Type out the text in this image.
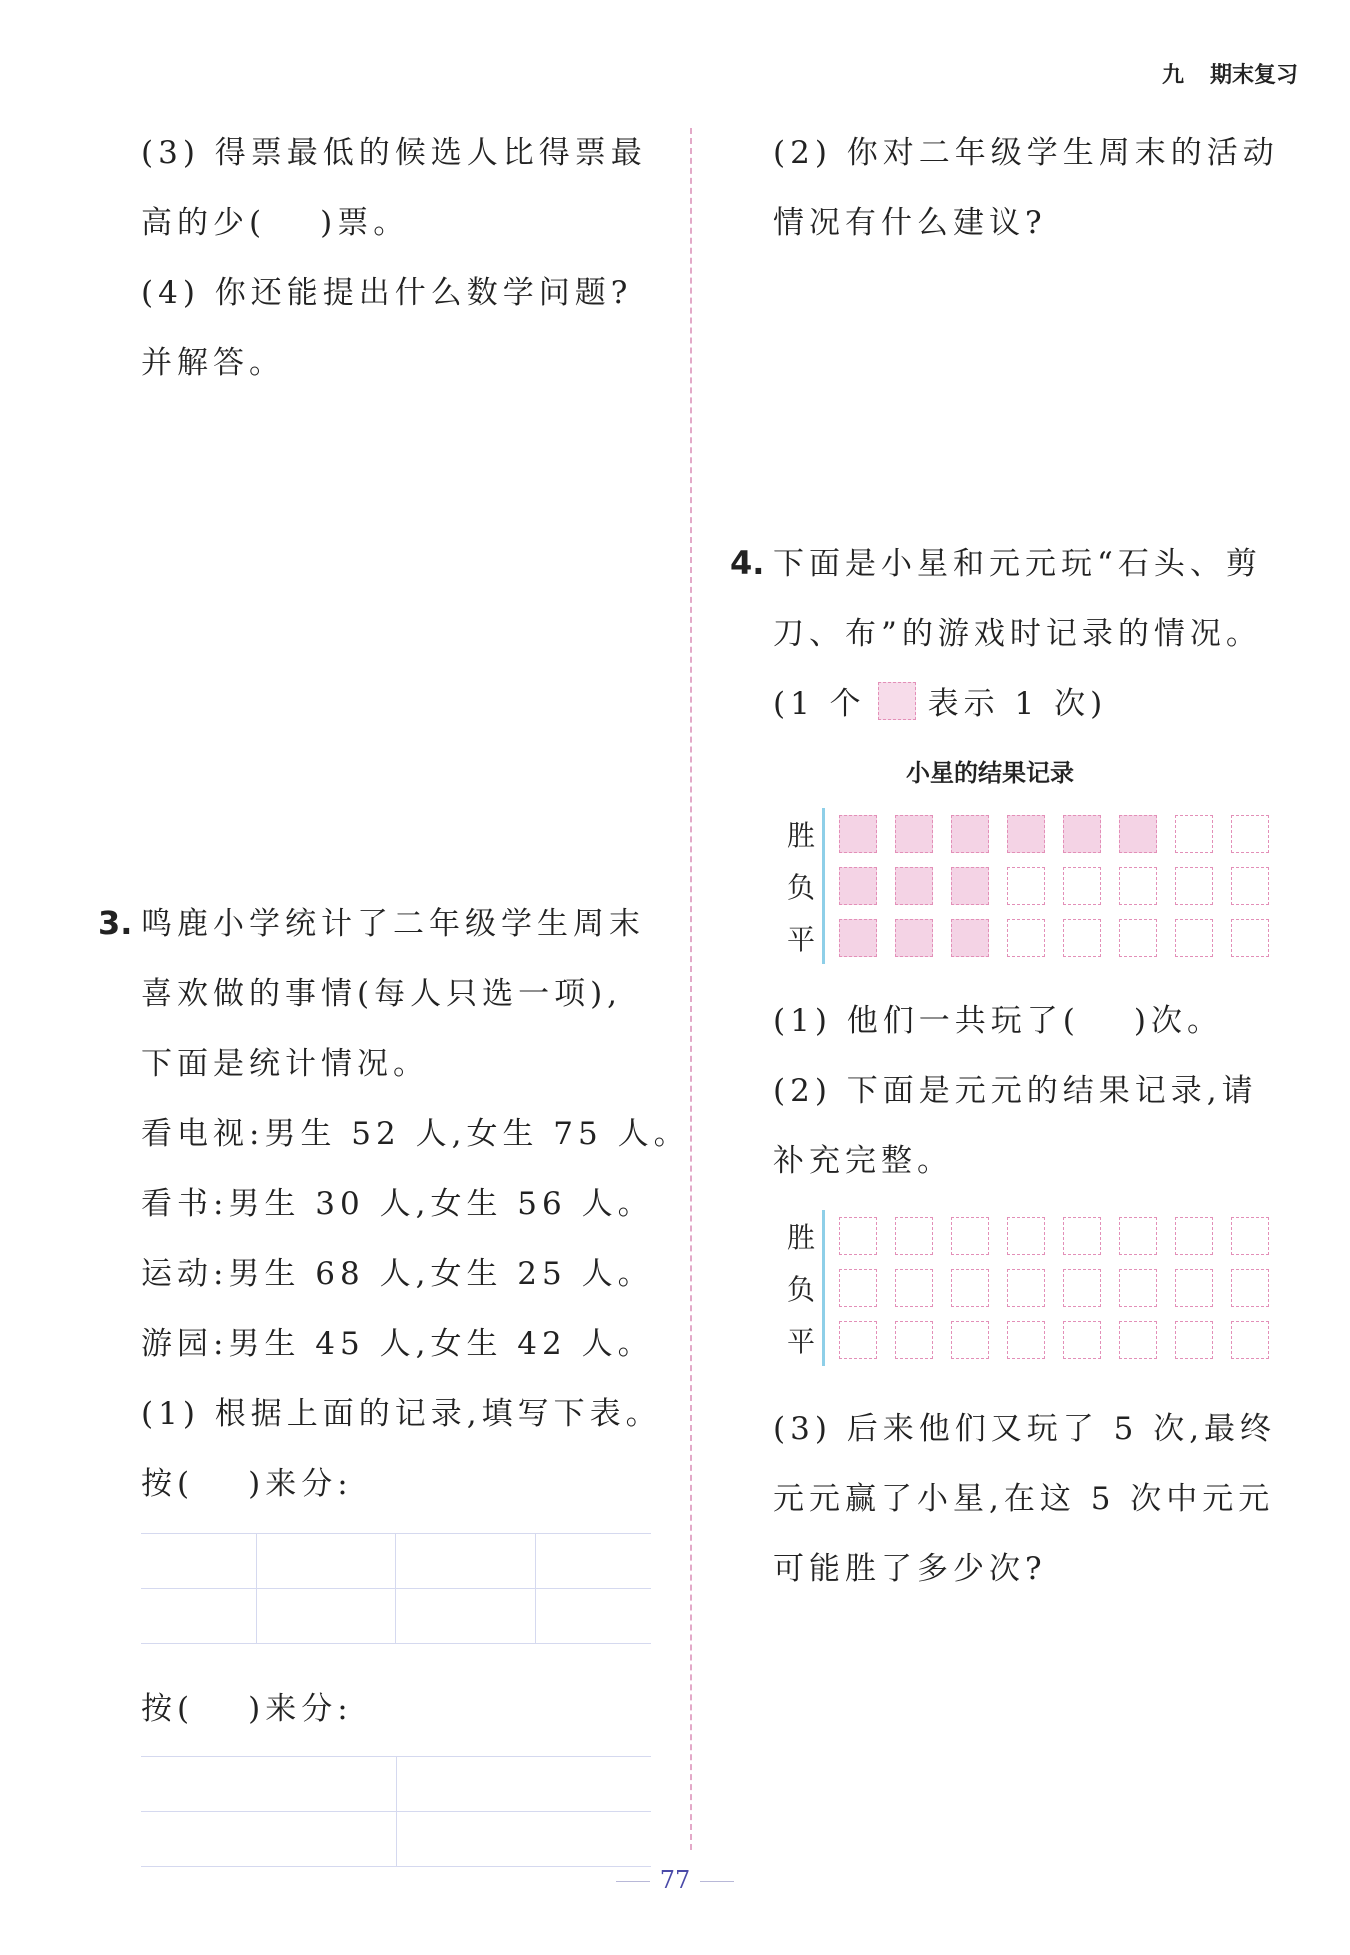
九 期末复习

(3) 得票最低的候选人比得票最

高的少( )票。

(4) 你还能提出什么数学问题?

并解答。

3. 鸣鹿小学统计了二年级学生周末

喜欢做的事情(每人只选一项),

下面是统计情况。

看电视:男生 52 人,女生 75 人。

看书:男生 30 人,女生 56 人。

运动:男生 68 人,女生 25 人。

游园:男生 45 人,女生 42 人。

(1) 根据上面的记录,填写下表。

按( )来分:

按( )来分:

(2) 你对二年级学生周末的活动

情况有什么建议?

4. 下面是小星和元元玩“石头、剪

刀、布”的游戏时记录的情况。

(1 个 表示 1 次)

小星的结果记录
胜
负
平

(1) 他们一共玩了( )次。

(2) 下面是元元的结果记录,请

补充完整。

胜
负
平

(3) 后来他们又玩了 5 次,最终

元元赢了小星,在这 5 次中元元

可能胜了多少次?

77
